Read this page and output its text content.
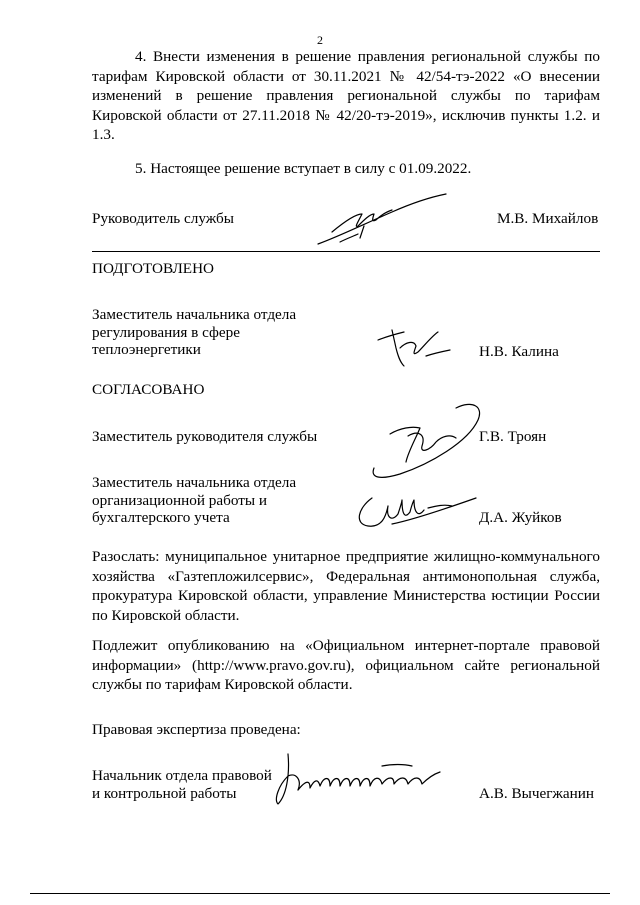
2
4. Внести изменения в решение правления региональной службы по тарифам Кировской области от 30.11.2021 № 42/54-тэ-2022 «О внесении изменений в решение правления региональной службы по тарифам Кировской области от 27.11.2018 № 42/20-тэ-2019», исключив пункты 1.2. и 1.3.
5. Настоящее решение вступает в силу с 01.09.2022.
Руководитель службы	М.В. Михайлов
ПОДГОТОВЛЕНО
Заместитель начальника отдела
регулирования в сфере
теплоэнергетики	Н.В. Калина
СОГЛАСОВАНО
Заместитель руководителя службы	Г.В. Троян
Заместитель начальника отдела
организационной работы и
бухгалтерского учета	Д.А. Жуйков
Разослать: муниципальное унитарное предприятие жилищно-коммунального хозяйства «Газтепложилсервис», Федеральная антимонопольная служба, прокуратура Кировской области, управление Министерства юстиции России по Кировской области.
Подлежит опубликованию на «Официальном интернет-портале правовой информации» (http://www.pravo.gov.ru), официальном сайте региональной службы по тарифам Кировской области.
Правовая экспертиза проведена:
Начальник отдела правовой
и контрольной работы	А.В. Вычегжанин
